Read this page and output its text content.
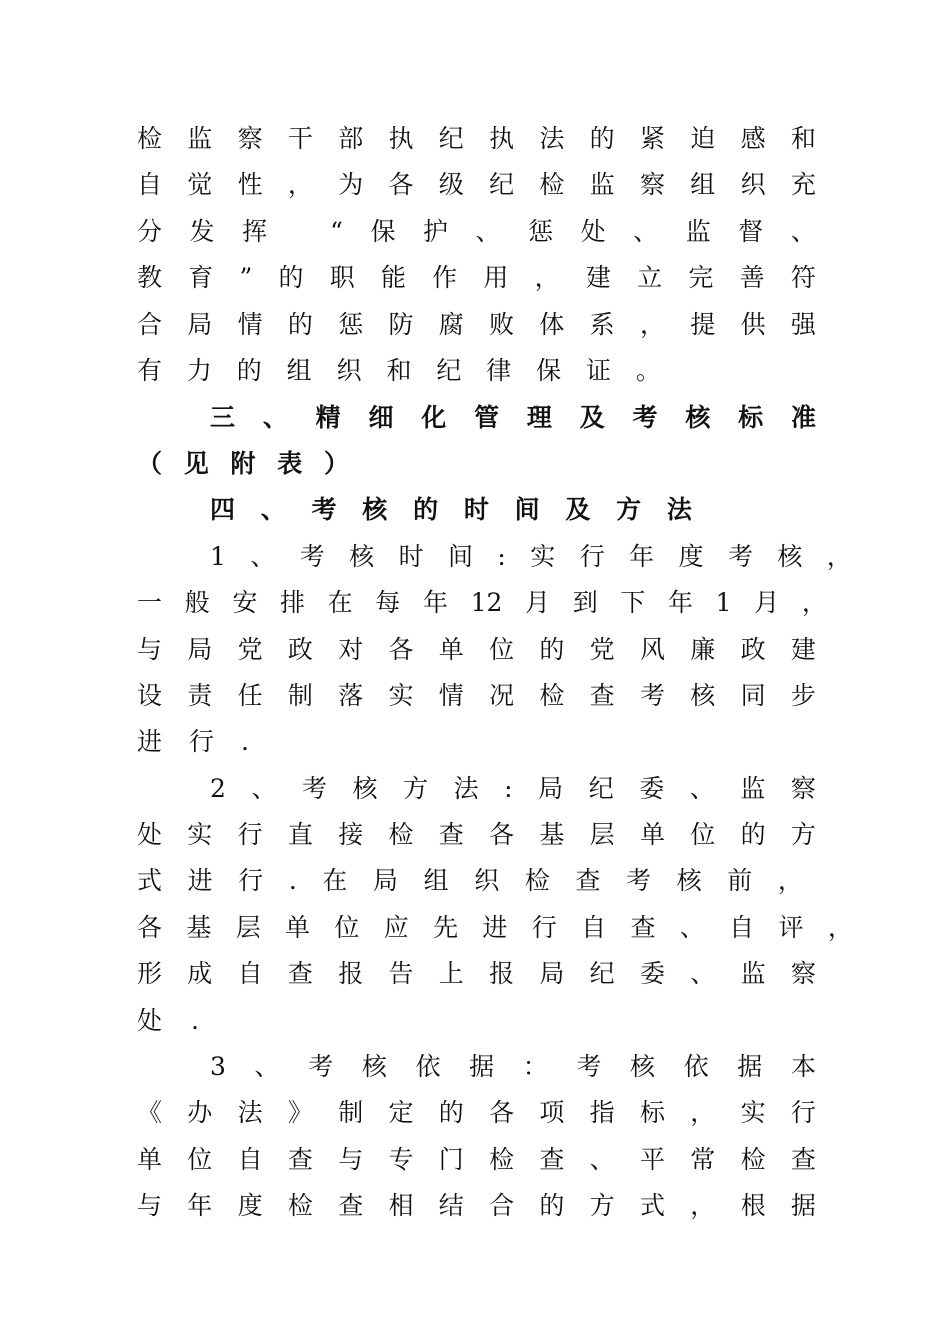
检 监 察 干 部 执 纪 执 法 的 紧 迫 感 和
自 觉 性 ， 为 各 级 纪 检 监 察 组 织 充
分 发 挥
	“ 保 护 、 惩 处 、 监 督 、
教 育 ” 的 职 能 作 用 ， 建 立 完 善 符
合 局 情 的 惩 防 腐 败 体 系 ， 提 供 强
有 力 的 组 织 和 纪 律 保 证 。
三 、 精 细 化 管 理 及 考 核 标 准
（ 见 附 表 ）
四 、 考 核 的 时 间 及 方 法
1 、 考 核 时 间 : 实 行 年 度 考 核 ，
一 般 安 排 在 每 年 12 月 到 下 年 1 月 ，
与 局 党 政 对 各 单 位 的 党 风 廉 政 建
设 责 任 制 落 实 情 况 检 查 考 核 同 步
进 行 .
2 、 考 核 方 法 : 局 纪 委 、 监 察
处 实 行 直 接 检 查 各 基 层 单 位 的 方
式 进 行 . 在 局 组 织 检 查 考 核 前 ，
各 基 层 单 位 应 先 进 行 自 查 、 自 评 ，
形 成 自 查 报 告 上 报 局 纪 委 、 监 察
处 .
3 、 考 核 依 据 ： 考 核 依 据 本
《 办 法 》 制 定 的 各 项 指 标 ， 实 行
单 位 自 查 与 专 门 检 查 、 平 常 检 查
与 年 度 检 查 相 结 合 的 方 式 ， 根 据
